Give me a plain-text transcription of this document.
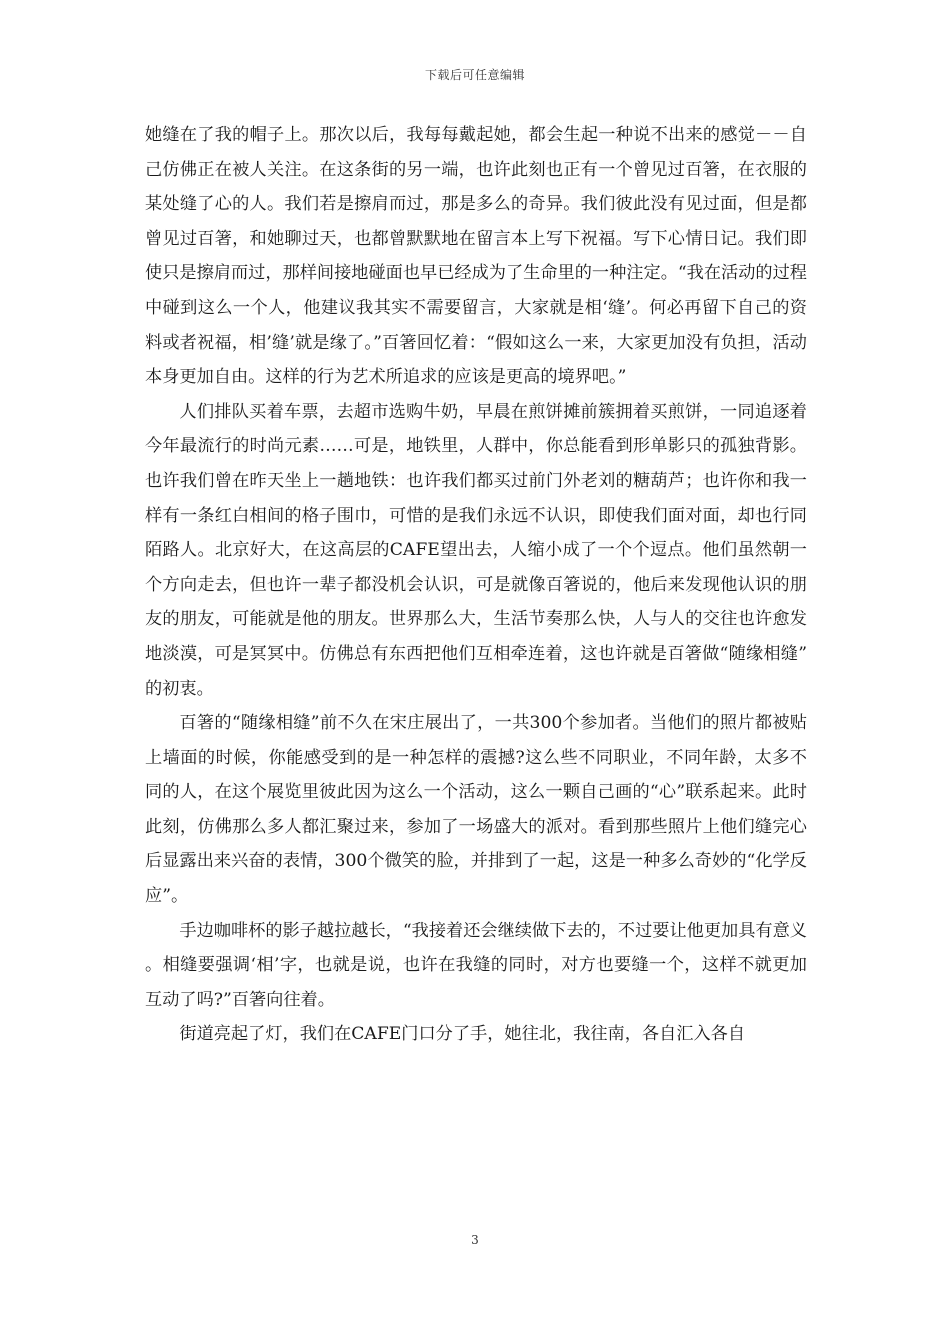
下载后可任意编辑

她缝在了我的帽子上。那次以后，我每每戴起她，都会生起一种说不出来的感觉－－自己仿佛正在被人关注。在这条街的另一端，也许此刻也正有一个曾见过百箸，在衣服的某处缝了心的人。我们若是擦肩而过，那是多么的奇异。我们彼此没有见过面，但是都曾见过百箸，和她聊过天，也都曾默默地在留言本上写下祝福。写下心情日记。我们即使只是擦肩而过，那样间接地碰面也早已经成为了生命里的一种注定。“我在活动的过程中碰到这么一个人，他建议我其实不需要留言，大家就是相‘缝’。何必再留下自己的资料或者祝福，相’缝’就是缘了。”百箸回忆着：“假如这么一来，大家更加没有负担，活动本身更加自由。这样的行为艺术所追求的应该是更高的境界吧。”

人们排队买着车票，去超市选购牛奶，早晨在煎饼摊前簇拥着买煎饼，一同追逐着今年最流行的时尚元素……可是，地铁里，人群中，你总能看到形单影只的孤独背影。也许我们曾在昨天坐上一趟地铁：也许我们都买过前门外老刘的糖葫芦；也许你和我一样有一条红白相间的格子围巾，可惜的是我们永远不认识，即使我们面对面，却也行同陌路人。北京好大，在这高层的CAFE望出去，人缩小成了一个个逗点。他们虽然朝一个方向走去，但也许一辈子都没机会认识，可是就像百箸说的，他后来发现他认识的朋友的朋友，可能就是他的朋友。世界那么大，生活节奏那么快，人与人的交往也许愈发地淡漠，可是冥冥中。仿佛总有东西把他们互相牵连着，这也许就是百箸做“随缘相缝”的初衷。

百箸的“随缘相缝”前不久在宋庄展出了，一共300个参加者。当他们的照片都被贴上墙面的时候，你能感受到的是一种怎样的震撼?这么些不同职业，不同年龄，太多不同的人，在这个展览里彼此因为这么一个活动，这么一颗自己画的“心”联系起来。此时此刻，仿佛那么多人都汇聚过来，参加了一场盛大的派对。看到那些照片上他们缝完心后显露出来兴奋的表情，300个微笑的脸，并排到了一起，这是一种多么奇妙的“化学反应”。

手边咖啡杯的影子越拉越长，“我接着还会继续做下去的，不过要让他更加具有意义。相缝要强调‘相’字，也就是说，也许在我缝的同时，对方也要缝一个，这样不就更加互动了吗?”百箸向往着。

街道亮起了灯，我们在CAFE门口分了手，她往北，我往南，各自汇入各自

3
